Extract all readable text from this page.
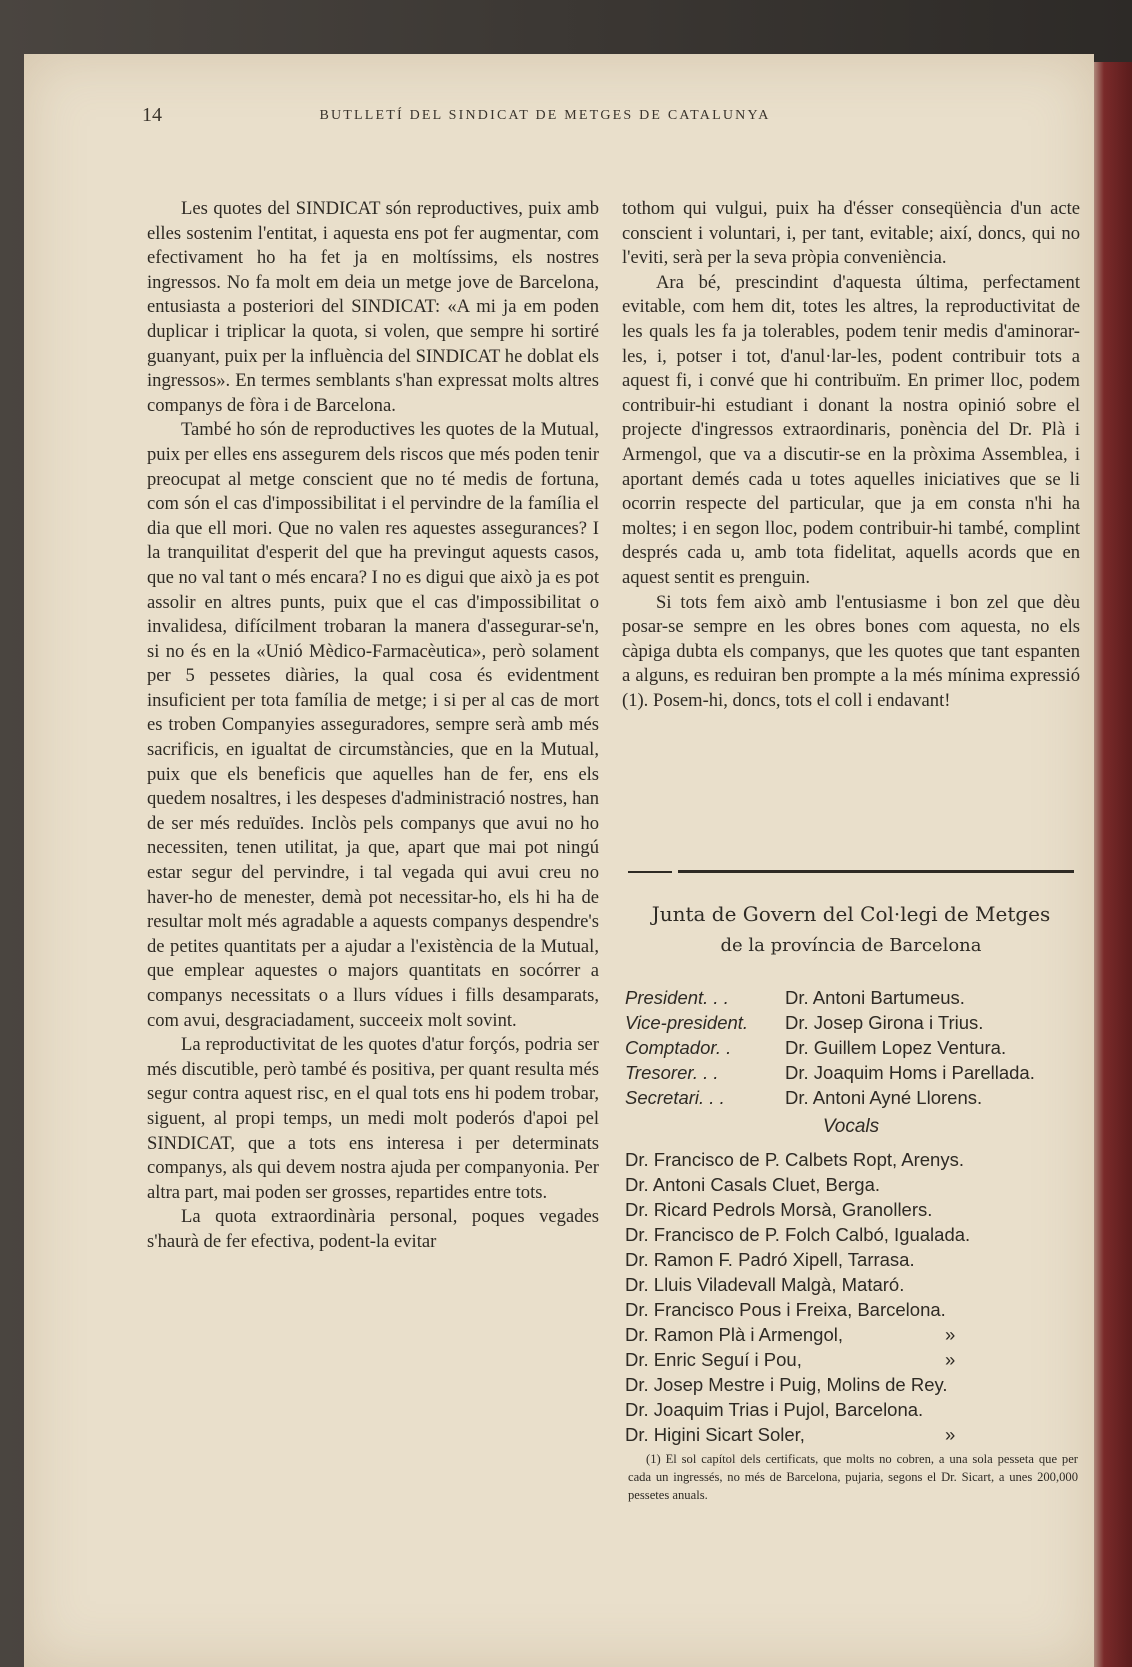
14	BUTLLETÍ DEL SINDICAT DE METGES DE CATALUNYA

Les quotes del SINDICAT són reproductives, puix amb elles sostenim l'entitat, i aquesta ens pot fer augmentar, com efectivament ho ha fet ja en moltíssims, els nostres ingressos. No fa molt em deia un metge jove de Barcelona, entusiasta a posteriori del SINDICAT: «A mi ja em poden duplicar i triplicar la quota, si volen, que sempre hi sortiré guanyant, puix per la influència del SINDICAT he doblat els ingressos». En termes semblants s'han expressat molts altres companys de fòra i de Barcelona.

També ho són de reproductives les quotes de la Mutual, puix per elles ens assegurem dels riscos que més poden tenir preocupat al metge conscient que no té medis de fortuna, com són el cas d'impossibilitat i el pervindre de la família el dia que ell mori. Que no valen res aquestes assegurances? I la tranquilitat d'esperit del que ha previngut aquests casos, que no val tant o més encara? I no es digui que això ja es pot assolir en altres punts, puix que el cas d'impossibilitat o invalidesa, difícilment trobaran la manera d'assegurar-se'n, si no és en la «Unió Mèdico-Farmacèutica», però solament per 5 pessetes diàries, la qual cosa és evidentment insuficient per tota família de metge; i si per al cas de mort es troben Companyies asseguradores, sempre serà amb més sacrificis, en igualtat de circumstàncies, que en la Mutual, puix que els beneficis que aquelles han de fer, ens els quedem nosaltres, i les despeses d'administració nostres, han de ser més reduïdes. Inclòs pels companys que avui no ho necessiten, tenen utilitat, ja que, apart que mai pot ningú estar segur del pervindre, i tal vegada qui avui creu no haver-ho de menester, demà pot necessitar-ho, els hi ha de resultar molt més agradable a aquests companys despendre's de petites quantitats per a ajudar a l'existència de la Mutual, que emplear aquestes o majors quantitats en socórrer a companys necessitats o a llurs vídues i fills desamparats, com avui, desgraciadament, succeeix molt sovint.

La reproductivitat de les quotes d'atur forçós, podria ser més discutible, però també és positiva, per quant resulta més segur contra aquest risc, en el qual tots ens hi podem trobar, siguent, al propi temps, un medi molt poderós d'apoi pel SINDICAT, que a tots ens interesa i per determinats companys, als qui devem nostra ajuda per companyonia. Per altra part, mai poden ser grosses, repartides entre tots.

La quota extraordinària personal, poques vegades s'haurà de fer efectiva, podent-la evitar

tothom qui vulgui, puix ha d'ésser conseqüència d'un acte conscient i voluntari, i, per tant, evitable; així, doncs, qui no l'eviti, serà per la seva pròpia conveniència.

Ara bé, prescindint d'aquesta última, perfectament evitable, com hem dit, totes les altres, la reproductivitat de les quals les fa ja tolerables, podem tenir medis d'aminorar-les, i, potser i tot, d'anul·lar-les, podent contribuir tots a aquest fi, i convé que hi contribuïm. En primer lloc, podem contribuir-hi estudiant i donant la nostra opinió sobre el projecte d'ingressos extraordinaris, ponència del Dr. Plà i Armengol, que va a discutir-se en la pròxima Assemblea, i aportant demés cada u totes aquelles iniciatives que se li ocorrin respecte del particular, que ja em consta n'hi ha moltes; i en segon lloc, podem contribuir-hi també, complint després cada u, amb tota fidelitat, aquells acords que en aquest sentit es prenguin.

Si tots fem això amb l'entusiasme i bon zel que dèu posar-se sempre en les obres bones com aquesta, no els càpiga dubta els companys, que les quotes que tant espanten a alguns, es reduiran ben prompte a la més mínima expressió (1). Posem-hi, doncs, tots el coll i endavant!

Junta de Govern del Col·legi de Metges
de la província de Barcelona
President. . .	Dr. Antoni Bartumeus.
Vice-president.	Dr. Josep Girona i Trius.
Comptador. .	Dr. Guillem Lopez Ventura.
Tresorer. . .	Dr. Joaquim Homs i Parellada.
Secretari. . .	Dr. Antoni Ayné Llorens.
Vocals
Dr. Francisco de P. Calbets Ropt, Arenys.
Dr. Antoni Casals Cluet, Berga.
Dr. Ricard Pedrols Morsà, Granollers.
Dr. Francisco de P. Folch Calbó, Igualada.
Dr. Ramon F. Padró Xipell, Tarrasa.
Dr. Lluis Viladevall Malgà, Mataró.
Dr. Francisco Pous i Freixa, Barcelona.
Dr. Ramon Plà i Armengol,	»
Dr. Enric Seguí i Pou,	»
Dr. Josep Mestre i Puig, Molins de Rey.
Dr. Joaquim Trias i Pujol, Barcelona.
Dr. Higini Sicart Soler,	»
(1) El sol capítol dels certificats, que molts no cobren, a una sola pesseta que per cada un ingressés, no més de Barcelona, pujaria, segons el Dr. Sicart, a unes 200,000 pessetes anuals.
